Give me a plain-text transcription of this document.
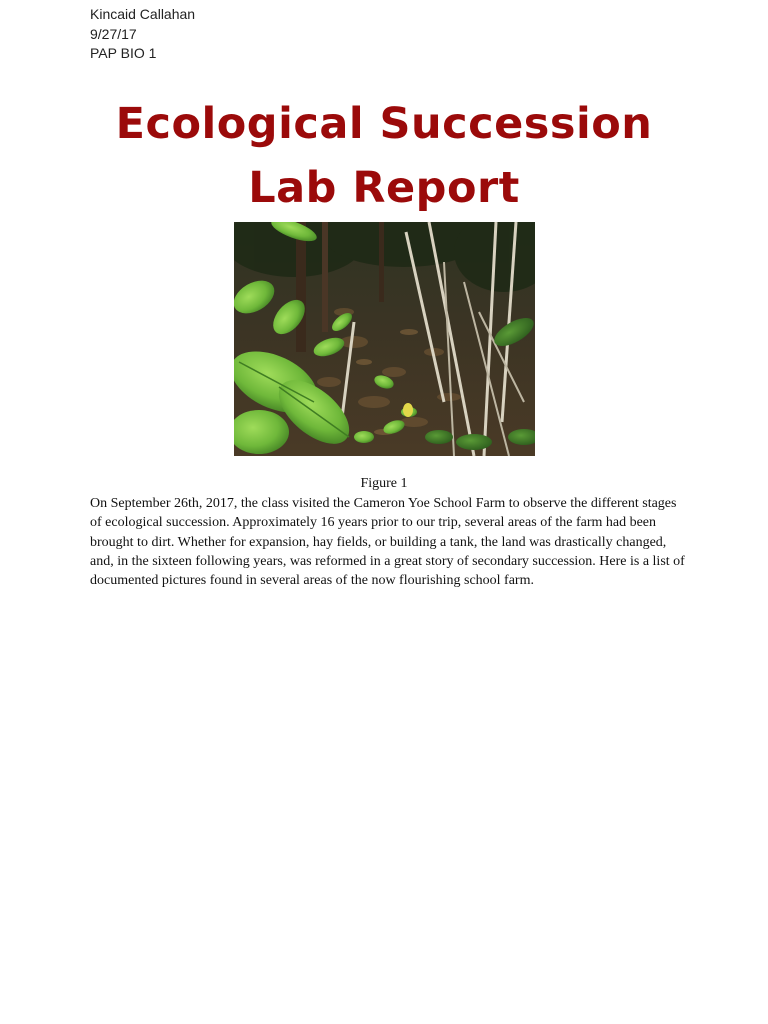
Kincaid Callahan
9/27/17
PAP BIO 1
Ecological Succession
Lab Report
Figure 1
On September 26th, 2017, the class visited the Cameron Yoe School Farm to observe the different stages
of ecological succession. Approximately 16 years prior to our trip, several areas of the farm had been
brought to dirt. Whether for expansion, hay fields, or building a tank, the land was drastically changed,
and, in the sixteen following years, was reformed in a great story of secondary succession. Here is a list of
documented pictures found in several areas of the now flourishing school farm.
